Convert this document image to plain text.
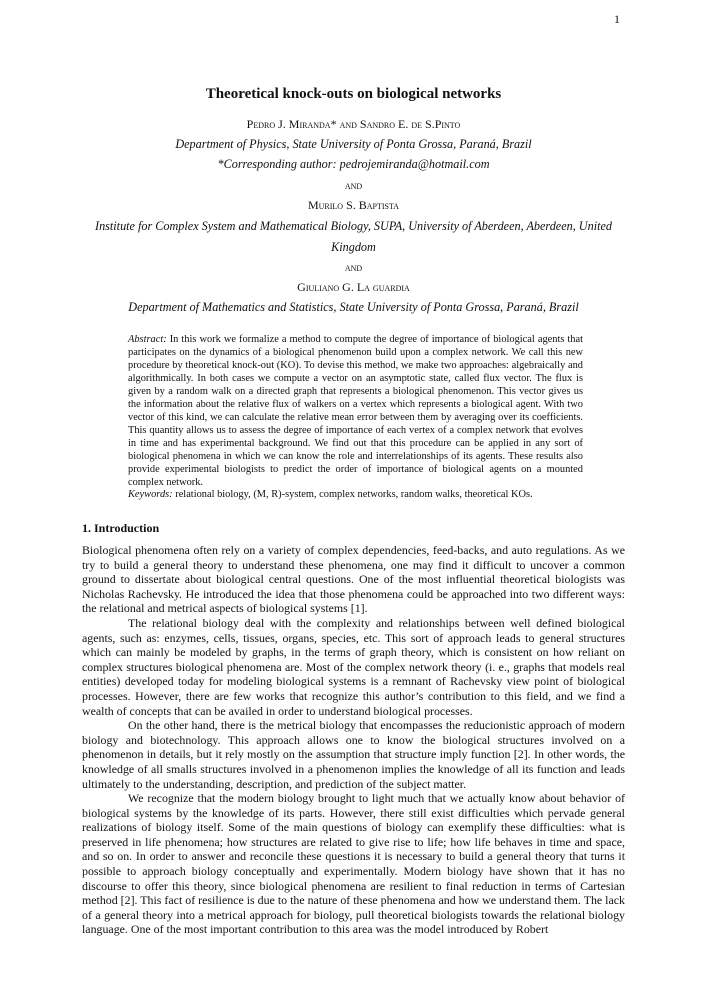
1
Theoretical knock-outs on biological networks
Pedro J. Miranda* and Sandro E. de S.Pinto
Department of Physics, State University of Ponta Grossa, Paraná, Brazil
*Corresponding author: pedrojemiranda@hotmail.com
and
Murilo S. Baptista
Institute for Complex System and Mathematical Biology, SUPA, University of Aberdeen, Aberdeen, United
Kingdom
and
Giuliano G. La guardia
Department of Mathematics and Statistics, State University of Ponta Grossa, Paraná, Brazil
Abstract: In this work we formalize a method to compute the degree of importance of biological agents that participates on the dynamics of a biological phenomenon build upon a complex network. We call this new procedure by theoretical knock-out (KO). To devise this method, we make two approaches: algebraically and algorithmically. In both cases we compute a vector on an asymptotic state, called flux vector. The flux is given by a random walk on a directed graph that represents a biological phenomenon. This vector gives us the information about the relative flux of walkers on a vertex which represents a biological agent. With two vector of this kind, we can calculate the relative mean error between them by averaging over its coefficients. This quantity allows us to assess the degree of importance of each vertex of a complex network that evolves in time and has experimental background. We find out that this procedure can be applied in any sort of biological phenomena in which we can know the role and interrelationships of its agents. These results also provide experimental biologists to predict the order of importance of biological agents on a mounted complex network.
Keywords: relational biology, (M, R)-system, complex networks, random walks, theoretical KOs.
1. Introduction

Biological phenomena often rely on a variety of complex dependencies, feed-backs, and auto regulations. As we try to build a general theory to understand these phenomena, one may find it difficult to uncover a common ground to dissertate about biological central questions. One of the most influential theoretical biologists was Nicholas Rachevsky. He introduced the idea that those phenomena could be approached into two different ways: the relational and metrical aspects of biological systems [1].

The relational biology deal with the complexity and relationships between well defined biological agents, such as: enzymes, cells, tissues, organs, species, etc. This sort of approach leads to general structures which can mainly be modeled by graphs, in the terms of graph theory, which is consistent on how reliant on complex structures biological phenomena are. Most of the complex network theory (i. e., graphs that models real entities) developed today for modeling biological systems is a remnant of Rachevsky view point of biological processes. However, there are few works that recognize this author’s contribution to this field, and we find a wealth of concepts that can be availed in order to understand biological processes.

On the other hand, there is the metrical biology that encompasses the reducionistic approach of modern biology and biotechnology. This approach allows one to know the biological structures involved on a phenomenon in details, but it rely mostly on the assumption that structure imply function [2]. In other words, the knowledge of all smalls structures involved in a phenomenon implies the knowledge of all its function and leads ultimately to the understanding, description, and prediction of the subject matter.

We recognize that the modern biology brought to light much that we actually know about behavior of biological systems by the knowledge of its parts. However, there still exist difficulties which pervade general realizations of biology itself. Some of the main questions of biology can exemplify these difficulties: what is preserved in life phenomena; how structures are related to give rise to life; how life behaves in time and space, and so on. In order to answer and reconcile these questions it is necessary to build a general theory that turns it possible to approach biology conceptually and experimentally. Modern biology have shown that it has no discourse to offer this theory, since biological phenomena are resilient to final reduction in terms of Cartesian method [2]. This fact of resilience is due to the nature of these phenomena and how we understand them. The lack of a general theory into a metrical approach for biology, pull theoretical biologists towards the relational biology language. One of the most important contribution to this area was the model introduced by Robert
